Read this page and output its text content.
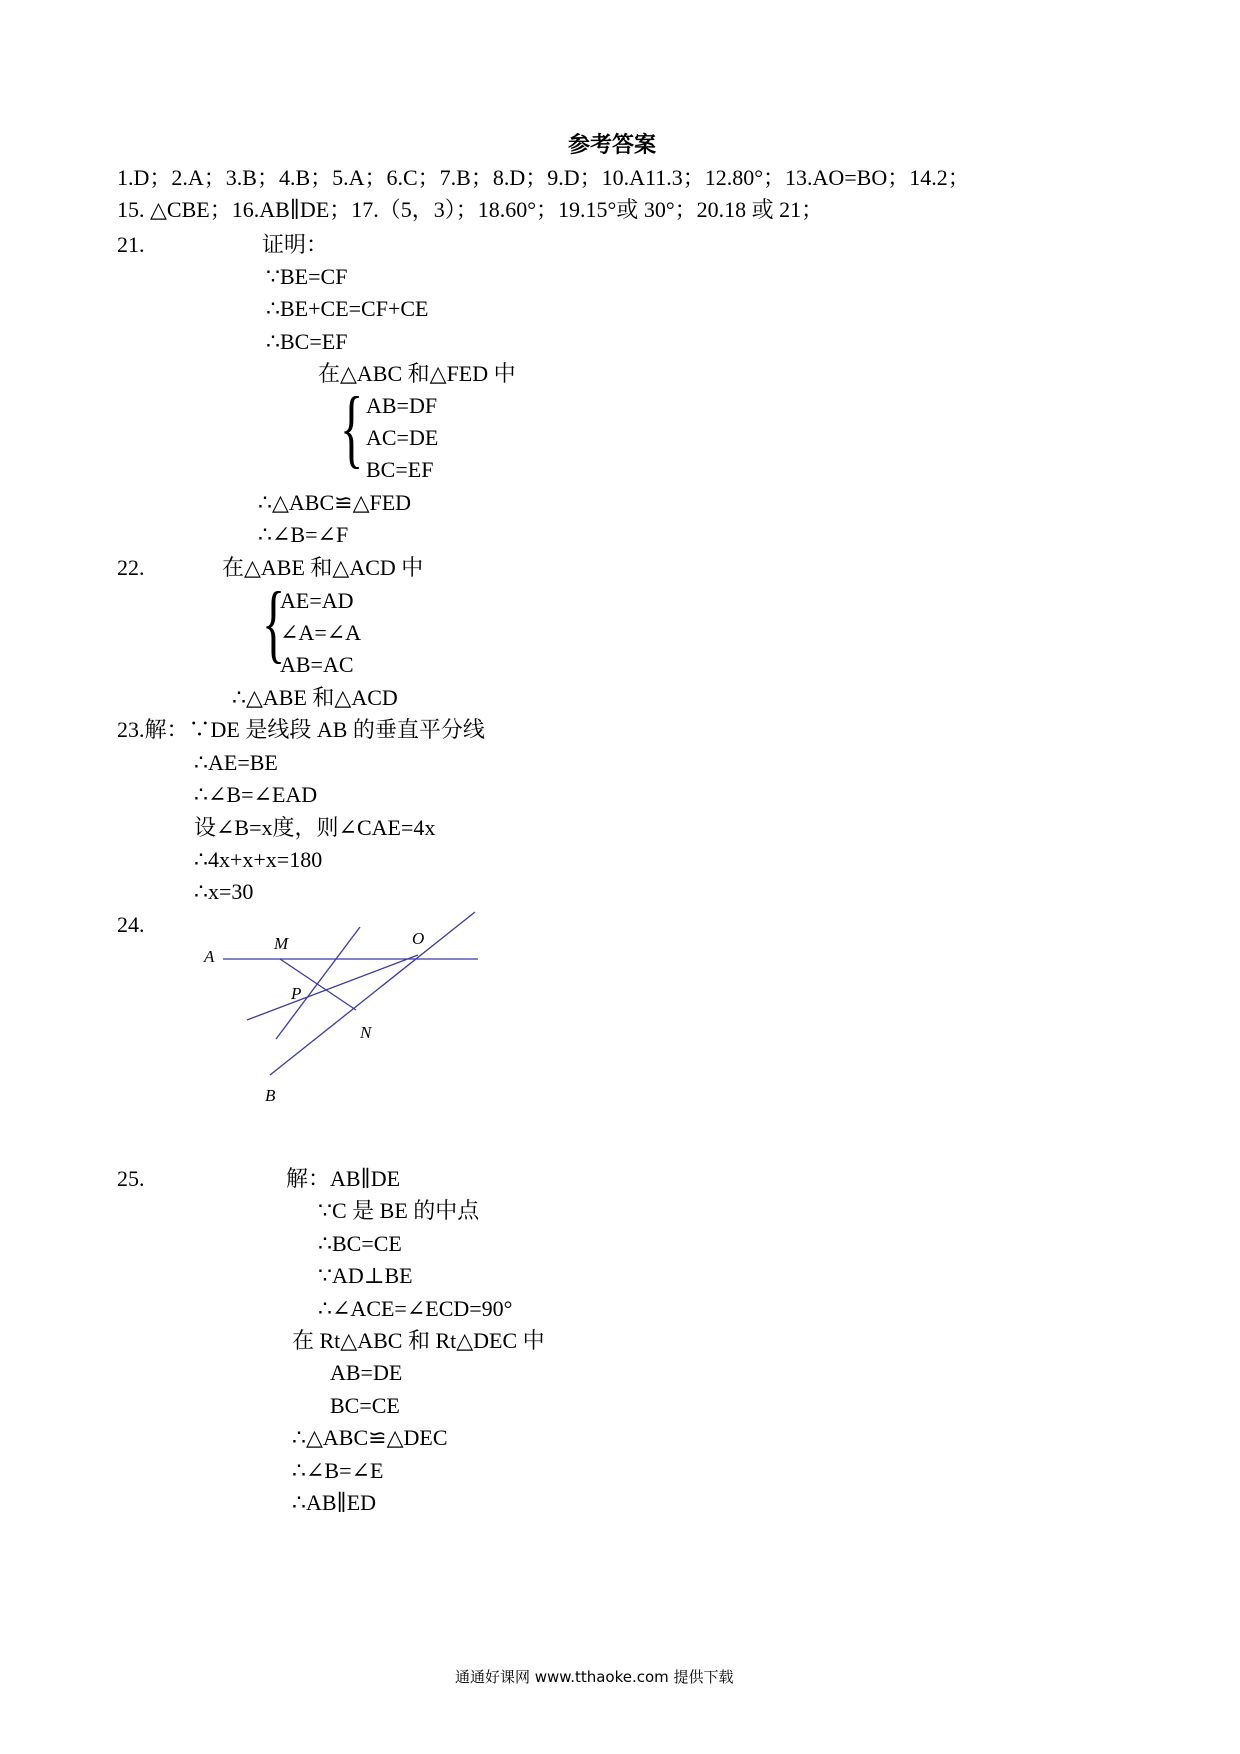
参考答案
1.D；2.A；3.B；4.B；5.A；6.C；7.B；8.D；9.D；10.A11.3；12.80°；13.AO=BO；14.2；
15. △CBE；16.AB∥DE；17.（5，3）；18.60°；19.15°或 30°；20.18 或 21；
21.	证明：
∵BE=CF
∴BE+CE=CF+CE
∴BC=EF
在△ABC 和△FED 中
{ AB=DF
AC=DE
BC=EF
∴△ABC≌△FED
∴∠B=∠F
22.	在△ABE 和△ACD 中
{
AE=AD
∠A=∠A
AB=AC
∴△ABE 和△ACD
23.解：∵DE 是线段 AB 的垂直平分线
∴AE=BE
∴∠B=∠EAD
设∠B=x度，则∠CAE=4x
∴4x+x+x=180
∴x=30
24.
A
M	O
P
N
B
25.	解：AB∥DE
∵C 是 BE 的中点
∴BC=CE
∵AD⊥BE
∴∠ACE=∠ECD=90°
在 Rt△ABC 和 Rt△DEC 中
AB=DE
BC=CE
∴△ABC≌△DEC
∴∠B=∠E
∴AB∥ED
通通好课网 www.tthaoke.com 提供下载
